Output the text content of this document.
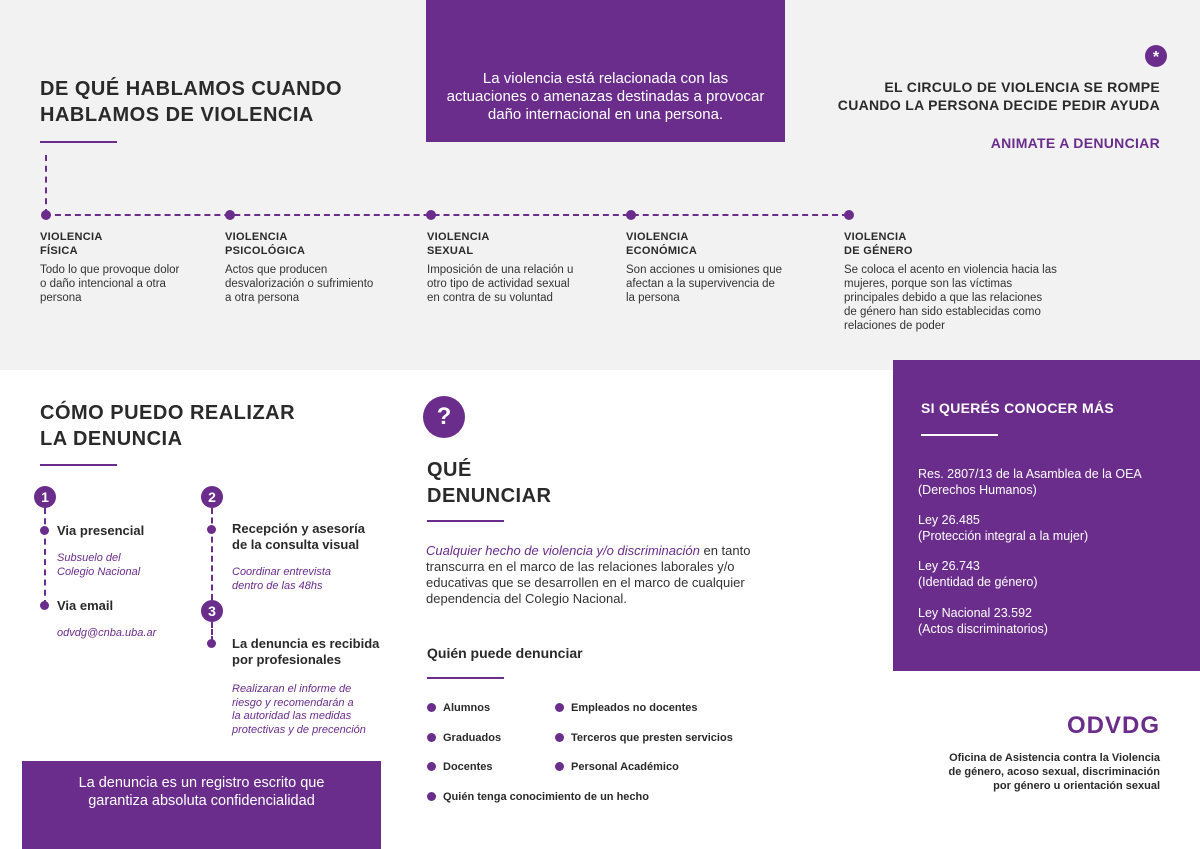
DE QUÉ HABLAMOS CUANDO
HABLAMOS DE VIOLENCIA
La violencia está relacionada con las
actuaciones o amenazas destinadas a provocar
daño internacional en una persona.
*
EL CIRCULO DE VIOLENCIA SE ROMPE
CUANDO LA PERSONA DECIDE PEDIR AYUDA
ANIMATE A DENUNCIAR
VIOLENCIA
FÍSICA
Todo lo que provoque dolor
o daño intencional a otra
persona
VIOLENCIA
PSICOLÓGICA
Actos que producen
desvalorización o sufrimiento
a otra persona
VIOLENCIA
SEXUAL
Imposición de una relación u
otro tipo de actividad sexual
en contra de su voluntad
VIOLENCIA
ECONÓMICA
Son acciones u omisiones que
afectan a la supervivencia de
la persona
VIOLENCIA
DE GÉNERO
Se coloca el acento en violencia hacia las
mujeres, porque son las víctimas
principales debido a que las relaciones
de género han sido establecidas como
relaciones de poder
CÓMO PUEDO REALIZAR
LA DENUNCIA
1
Via presencial
Subsuelo del
Colegio Nacional
Via email
odvdg@cnba.uba.ar
2
Recepción y asesoría
de la consulta visual
Coordinar entrevista
dentro de las 48hs
3
La denuncia es recibida
por profesionales
Realizaran el informe de
riesgo y recomendarán a
la autoridad las medidas
protectivas y de precención
La denuncia es un registro escrito que
garantiza absoluta confidencialidad
?
QUÉ
DENUNCIAR
Cualquier hecho de violencia y/o discriminación en tanto transcurra en el marco de las relaciones laborales y/o educativas que se desarrollen en el marco de cualquier dependencia del Colegio Nacional.
Quién puede denunciar
Alumnos
Graduados
Docentes
Empleados no docentes
Terceros que presten servicios
Personal Académico
Quién tenga conocimiento de un hecho
SI QUERÉS CONOCER MÁS
Res. 2807/13 de la Asamblea de la OEA
(Derechos Humanos)
Ley 26.485
(Protección integral a la mujer)
Ley 26.743
(Identidad de género)
Ley Nacional 23.592
(Actos discriminatorios)
ODVDG
Oficina de Asistencia contra la Violencia
de género, acoso sexual, discriminación
por género u orientación sexual
